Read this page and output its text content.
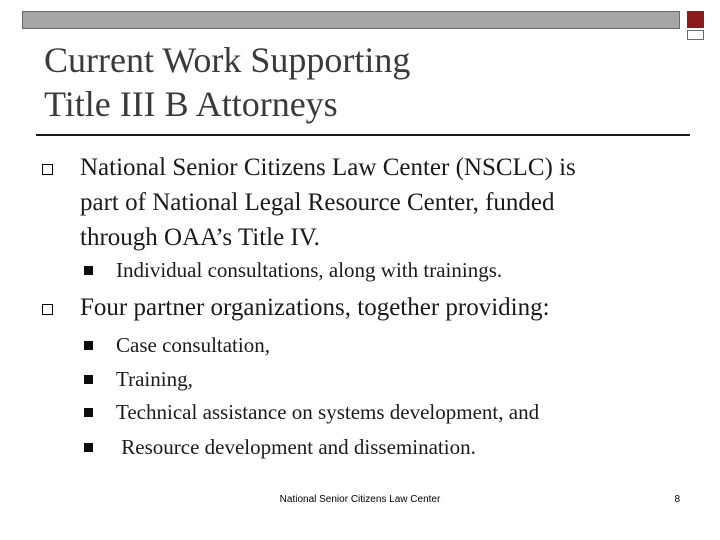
Current Work Supporting
Title III B Attorneys
National Senior Citizens Law Center (NSCLC) is
part of National Legal Resource Center, funded
through OAA’s Title IV.
Individual consultations, along with trainings.
Four partner organizations, together providing:
Case consultation,
Training,
Technical assistance on systems development, and
Resource development and dissemination.
National Senior Citizens Law Center	8
